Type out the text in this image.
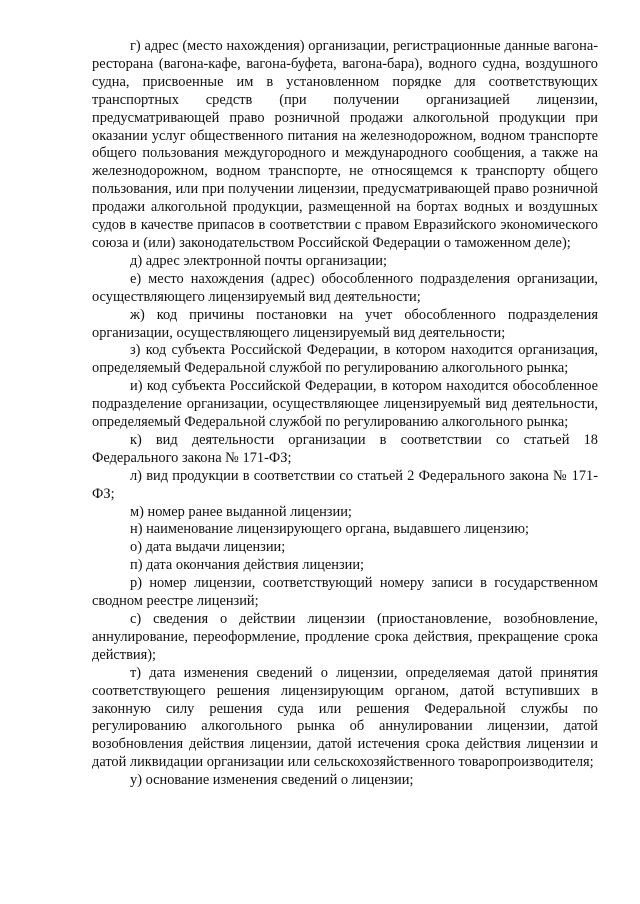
г) адрес (место нахождения) организации, регистрационные данные вагона-ресторана (вагона-кафе, вагона-буфета, вагона-бара), водного судна, воздушного судна, присвоенные им в установленном порядке для соответствующих транспортных средств (при получении организацией лицензии, предусматривающей право розничной продажи алкогольной продукции при оказании услуг общественного питания на железнодорожном, водном транспорте общего пользования междугородного и международного сообщения, а также на железнодорожном, водном транспорте, не относящемся к транспорту общего пользования, или при получении лицензии, предусматривающей право розничной продажи алкогольной продукции, размещенной на бортах водных и воздушных судов в качестве припасов в соответствии с правом Евразийского экономического союза и (или) законодательством Российской Федерации о таможенном деле);

д) адрес электронной почты организации;

е) место нахождения (адрес) обособленного подразделения организации, осуществляющего лицензируемый вид деятельности;

ж) код причины постановки на учет обособленного подразделения организации, осуществляющего лицензируемый вид деятельности;

з) код субъекта Российской Федерации, в котором находится организация, определяемый Федеральной службой по регулированию алкогольного рынка;

и) код субъекта Российской Федерации, в котором находится обособленное подразделение организации, осуществляющее лицензируемый вид деятельности, определяемый Федеральной службой по регулированию алкогольного рынка;

к) вид деятельности организации в соответствии со статьей 18 Федерального закона № 171-ФЗ;

л) вид продукции в соответствии со статьей 2 Федерального закона № 171-ФЗ;

м) номер ранее выданной лицензии;

н) наименование лицензирующего органа, выдавшего лицензию;

о) дата выдачи лицензии;

п) дата окончания действия лицензии;

р) номер лицензии, соответствующий номеру записи в государственном сводном реестре лицензий;

с) сведения о действии лицензии (приостановление, возобновление, аннулирование, переоформление, продление срока действия, прекращение срока действия);

т) дата изменения сведений о лицензии, определяемая датой принятия соответствующего решения лицензирующим органом, датой вступивших в законную силу решения суда или решения Федеральной службы по регулированию алкогольного рынка об аннулировании лицензии, датой возобновления действия лицензии, датой истечения срока действия лицензии и датой ликвидации организации или сельскохозяйственного товаропроизводителя;

у) основание изменения сведений о лицензии;
